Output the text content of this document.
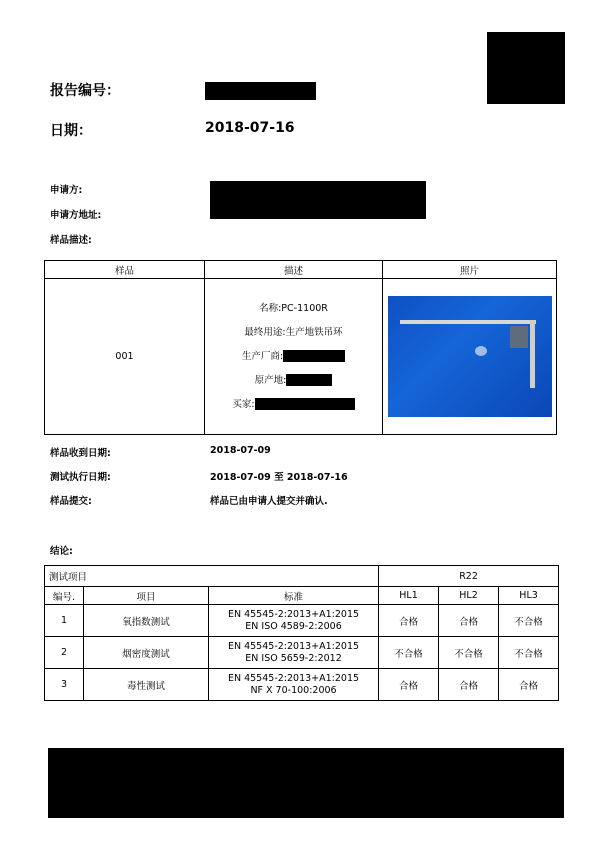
报告编号：
日期：	2018-07-16
申请方:
申请方地址:
样品描述:
样品	描述	照片
001	名称:PC-1100R
最终用途:生产地铁吊环
生产厂商:
原产地:
买家:	

样品收到日期:	2018-07-09
测试执行日期:	2018-07-09 至 2018-07-16
样品提交:	样品已由申请人提交并确认.
结论:
测试项目			R22		
编号.	项目	标准	HL1	HL2	HL3
1	氧指数测试	EN 45545-2:2013+A1:2015
EN ISO 4589-2:2006	合格	合格	不合格
2	烟密度测试	EN 45545-2:2013+A1:2015
EN ISO 5659-2:2012	不合格	不合格	不合格
3	毒性测试	EN 45545-2:2013+A1:2015
NF X 70-100:2006	合格	合格	合格
